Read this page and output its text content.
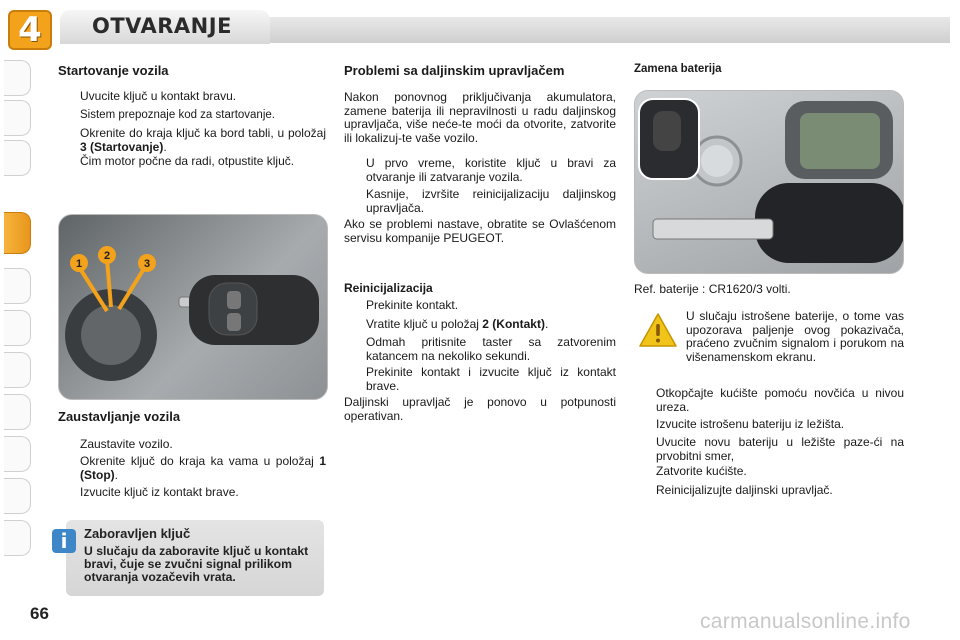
4	OTVARANJE
Startovanje vozila
Uvucite ključ u kontakt bravu.
Sistem prepoznaje kod za startovanje.
Okrenite do kraja ključ ka bord tabli, u položaj 3 (Startovanje).
Čim motor počne da radi, otpustite ključ.
1
2
3
Zaustavljanje vozila
Zaustavite vozilo.
Okrenite ključ do kraja ka vama u položaj 1 (Stop).
Izvucite ključ iz kontakt brave.
Zaboravljen ključ
U slučaju da zaboravite ključ u kontakt bravi, čuje se zvučni signal prilikom otvaranja vozačevih vrata.
i
Problemi sa daljinskim upravljačem
Nakon ponovnog priključivanja akumulatora, zamene baterija ili nepravilnosti u radu daljinskog upravljača, više neće-te moći da otvorite, zatvorite ili lokalizuj-te vaše vozilo.
U prvo vreme, koristite ključ u bravi za otvaranje ili zatvaranje vozila.
Kasnije, izvršite reinicijalizaciju daljinskog upravljača.
Ako se problemi nastave, obratite se Ovlašćenom servisu kompanije PEUGEOT.
Reinicijalizacija
Prekinite kontakt.
Vratite ključ u položaj 2 (Kontakt).
Odmah pritisnite taster sa zatvorenim katancem na nekoliko sekundi.
Prekinite kontakt i izvucite ključ iz kontakt brave.
Daljinski upravljač je ponovo u potpunosti operativan.
Zamena baterija
Ref. baterije : CR1620/3 volti.
U slučaju istrošene baterije, o tome vas upozorava paljenje ovog pokazivača, praćeno zvučnim signalom i porukom na višenamenskom ekranu.
Otkopčajte kućište pomoću novčića u nivou ureza.
Izvucite istrošenu bateriju iz ležišta.
Uvucite novu bateriju u ležište paze-ći na prvobitni smer,
Zatvorite kućište.
Reinicijalizujte daljinski upravljač.
66	carmanualsonline.info
